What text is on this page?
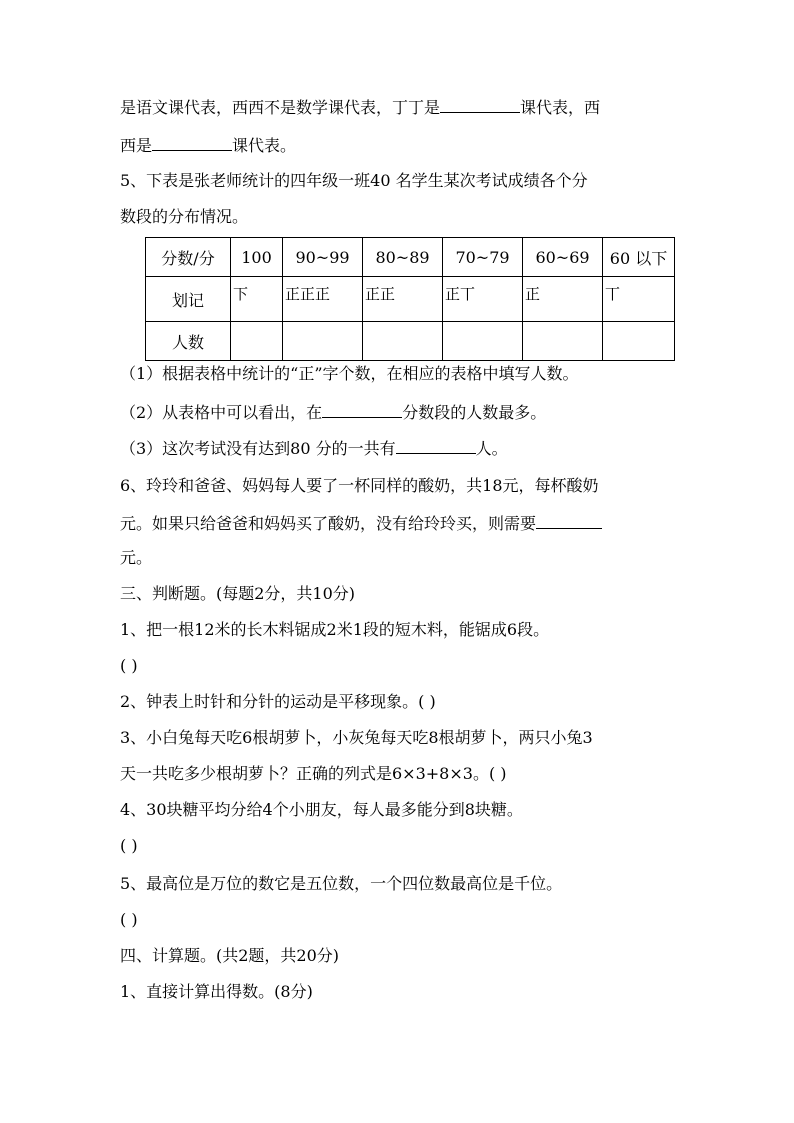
是语文课代表，西西不是数学课代表，丁丁是	课代表，西
西是	课代表。
5、下表是张老师统计的四年级一班40 名学生某次考试成绩各个分
数段的分布情况。
分数/分	100	90~99	80~89	70~79	60~69	60 以下
划记	下	正正正	正正	正丅	正	丅
人数						
（1）根据表格中统计的“正”字个数，在相应的表格中填写人数。
（2）从表格中可以看出，在	分数段的人数最多。
（3）这次考试没有达到80 分的一共有	人。
6、玲玲和爸爸、妈妈每人要了一杯同样的酸奶，共18元，每杯酸奶
元。如果只给爸爸和妈妈买了酸奶，没有给玲玲买，则需要
元。
三、判断题。(每题2分，共10分)
1、把一根12米的长木料锯成2米1段的短木料，能锯成6段。
( )
2、钟表上时针和分针的运动是平移现象。( )
3、小白兔每天吃6根胡萝卜，小灰兔每天吃8根胡萝卜，两只小兔3
天一共吃多少根胡萝卜？正确的列式是6×3+8×3。( )
4、30块糖平均分给4个小朋友，每人最多能分到8块糖。
( )
5、最高位是万位的数它是五位数，一个四位数最高位是千位。
( )
四、计算题。(共2题，共20分)
1、直接计算出得数。(8分)
